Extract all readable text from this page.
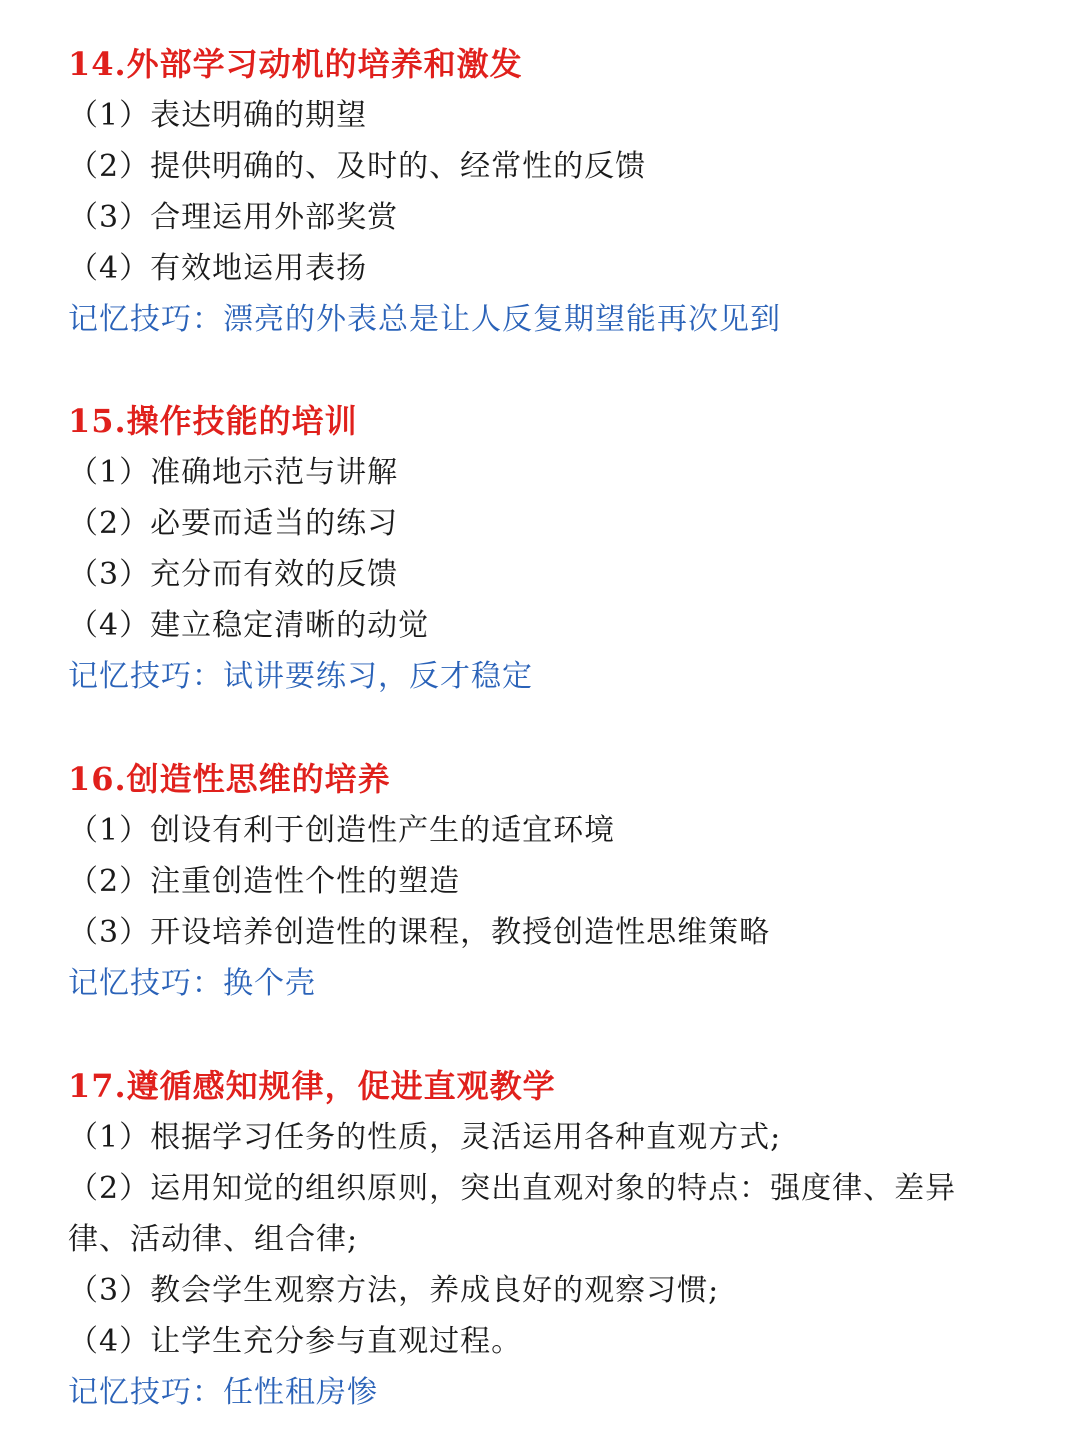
14.外部学习动机的培养和激发
（1）表达明确的期望
（2）提供明确的、及时的、经常性的反馈
（3）合理运用外部奖赏
（4）有效地运用表扬
记忆技巧：漂亮的外表总是让人反复期望能再次见到
15.操作技能的培训
（1）准确地示范与讲解
（2）必要而适当的练习
（3）充分而有效的反馈
（4）建立稳定清晰的动觉
记忆技巧：试讲要练习，反才稳定
16.创造性思维的培养
（1）创设有利于创造性产生的适宜环境
（2）注重创造性个性的塑造
（3）开设培养创造性的课程，教授创造性思维策略
记忆技巧：换个壳
17.遵循感知规律，促进直观教学
（1）根据学习任务的性质，灵活运用各种直观方式;
（2）运用知觉的组织原则，突出直观对象的特点：强度律、差异律、活动律、组合律;
（3）教会学生观察方法，养成良好的观察习惯;
（4）让学生充分参与直观过程。
记忆技巧：任性租房惨
